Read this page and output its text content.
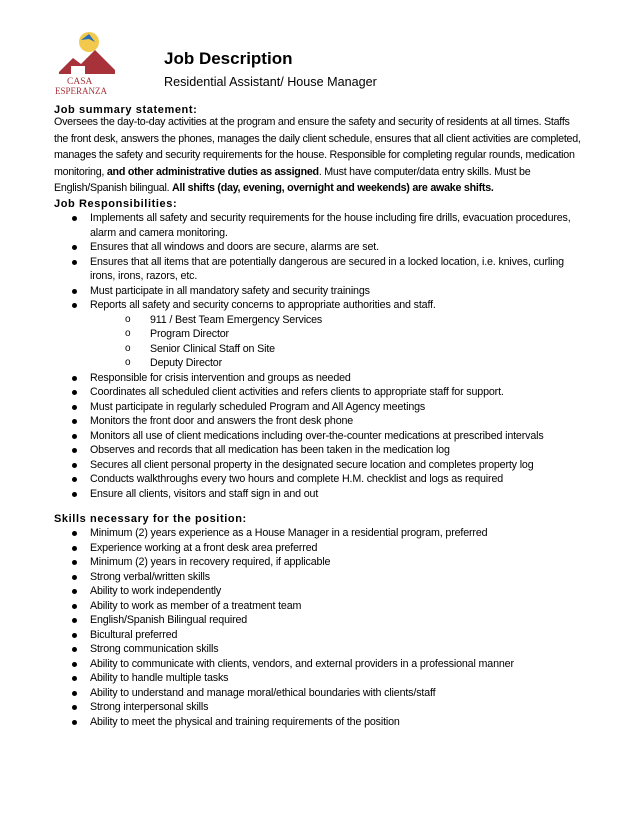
CASA
ESPERANZA
Job Description
Residential Assistant/ House Manager
Job summary statement:
Oversees the day-to-day activities at the program and ensure the safety and security of residents at all times. Staffs the front desk, answers the phones, manages the daily client schedule, ensures that all client activities are completed, manages the safety and security requirements for the house. Responsible for completing regular rounds, medication monitoring, and other administrative duties as assigned. Must have computer/data entry skills. Must be English/Spanish bilingual. All shifts (day, evening, overnight and weekends) are awake shifts.
Job Responsibilities:
Implements all safety and security requirements for the house including fire drills, evacuation procedures, alarm and camera monitoring.
Ensures that all windows and doors are secure, alarms are set.
Ensures that all items that are potentially dangerous are secured in a locked location, i.e. knives, curling irons, irons, razors, etc.
Must participate in all mandatory safety and security trainings
Reports all safety and security concerns to appropriate authorities and staff.
o 911 / Best Team Emergency Services
o Program Director
o Senior Clinical Staff on Site
o Deputy Director
Responsible for crisis intervention and groups as needed
Coordinates all scheduled client activities and refers clients to appropriate staff for support.
Must participate in regularly scheduled Program and All Agency meetings
Monitors the front door and answers the front desk phone
Monitors all use of client medications including over-the-counter medications at prescribed intervals
Observes and records that all medication has been taken in the medication log
Secures all client personal property in the designated secure location and completes property log
Conducts walkthroughs every two hours and complete H.M. checklist and logs as required
Ensure all clients, visitors and staff sign in and out
Skills necessary for the position:
Minimum (2) years experience as a House Manager in a residential program, preferred
Experience working at a front desk area preferred
Minimum (2) years in recovery required, if applicable
Strong verbal/written skills
Ability to work independently
Ability to work as member of a treatment team
English/Spanish Bilingual required
Bicultural preferred
Strong communication skills
Ability to communicate with clients, vendors, and external providers in a professional manner
Ability to handle multiple tasks
Ability to understand and manage moral/ethical boundaries with clients/staff
Strong interpersonal skills
Ability to meet the physical and training requirements of the position
